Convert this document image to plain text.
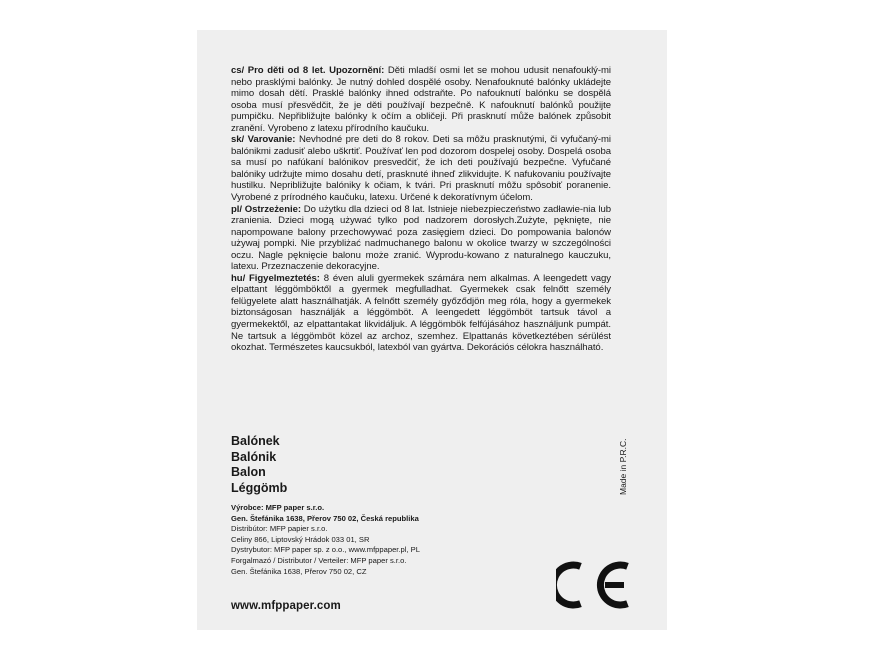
cs/ Pro děti od 8 let. Upozornění: Děti mladší osmi let se mohou udusit nenafouklý-mi nebo prasklými balónky. Je nutný dohled dospělé osoby. Nenafouknuté balónky ukládejte mimo dosah dětí. Prasklé balónky ihned odstraňte. Po nafouknutí balónku se dospělá osoba musí přesvědčit, že je děti používají bezpečně. K nafouknutí balónků použijte pumpičku. Nepřibližujte balónky k očím a obličeji. Při prasknutí může balónek způsobit zranění. Vyrobeno z latexu přírodního kaučuku.

sk/ Varovanie: Nevhodné pre deti do 8 rokov. Deti sa môžu prasknutými, či vyfučaný-mi balónikmi zadusiť alebo uškrtiť. Používať len pod dozorom dospelej osoby. Dospelá osoba sa musí po nafúkaní balónikov presvedčiť, že ich deti používajú bezpečne. Vyfučané balóniky udržujte mimo dosahu detí, prasknuté ihneď zlikvidujte. K nafukovaniu používajte hustilku. Nepribližujte balóniky k očiam, k tvári. Pri prasknutí môžu spôsobiť poranenie. Vyrobené z prírodného kaučuku, latexu. Určené k dekoratívnym účelom.

pl/ Ostrzeżenie: Do użytku dla dzieci od 8 lat. Istnieje niebezpieczeństwo zadławie-nia lub zranienia. Dzieci mogą używać tylko pod nadzorem dorosłych.Zużyte, pęknięte, nie napompowane balony przechowywać poza zasięgiem dzieci. Do pompowania balonów używaj pompki. Nie przybliżać nadmuchanego balonu w okolice twarzy w szczególności oczu. Nagle pęknięcie balonu może zranić. Wyprodu-kowano z naturalnego kauczuku, latexu. Przeznaczenie dekoracyjne.

hu/ Figyelmeztetés: 8 éven aluli gyermekek számára nem alkalmas. A leengedett vagy elpattant léggömböktől a gyermek megfulladhat. Gyermekek csak felnőtt személy felügyelete alatt használhatják. A felnőtt személy győződjön meg róla, hogy a gyermekek biztonságosan használják a léggömböt. A leengedett léggömböt tartsuk távol a gyermekektől, az elpattantakat likvidáljuk. A léggömbök felfújásához használjunk pumpát. Ne tartsuk a léggömböt közel az archoz, szemhez. Elpattanás következtében sérülést okozhat. Természetes kaucsukból, latexból van gyártva. Dekorációs célokra használható.

Made in P.R.C.
Balónek
Balónik
Balon
Léggömb
Výrobce: MFP paper s.r.o.
Gen. Štefánika 1638, Přerov 750 02, Česká republika
Distribútor: MFP papier s.r.o.
Celiny 866, Liptovský Hrádok 033 01, SR
Dystrybutor: MFP paper sp. z o.o., www.mfppaper.pl, PL
Forgalmazó / Distributor / Verteiler: MFP paper s.r.o.
Gen. Štefánika 1638, Přerov 750 02, CZ
www.mfppaper.com
